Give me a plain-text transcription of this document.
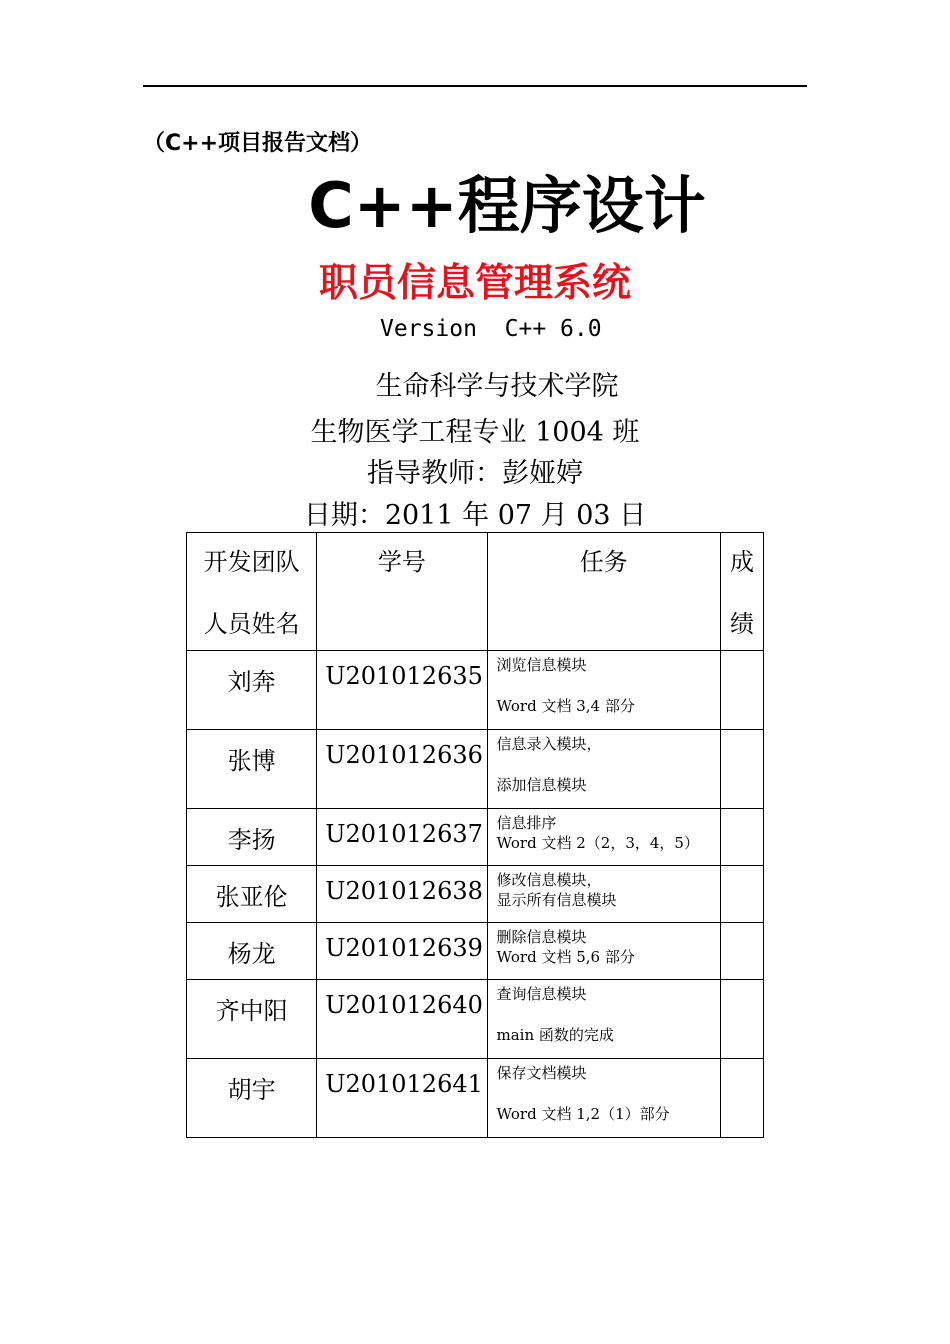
（C++项目报告文档）
C++程序设计
职员信息管理系统
Version  C++ 6.0
生命科学与技术学院
生物医学工程专业 1004 班
指导教师：彭娅婷
日期：2011 年 07 月 03 日
开发团队
人员姓名	学号	任务	成
绩

刘奔	U201012635	浏览信息模块
Word 文档 3,4 部分	

张博	U201012636	信息录入模块，
添加信息模块	

李扬	U201012637	信息排序
Word 文档 2（2，3，4，5）	

张亚伦	U201012638	修改信息模块，
显示所有信息模块	

杨龙	U201012639	删除信息模块
Word 文档 5,6 部分	

齐中阳	U201012640	查询信息模块
main 函数的完成	

胡宇	U201012641	保存文档模块
Word 文档 1,2（1）部分	
